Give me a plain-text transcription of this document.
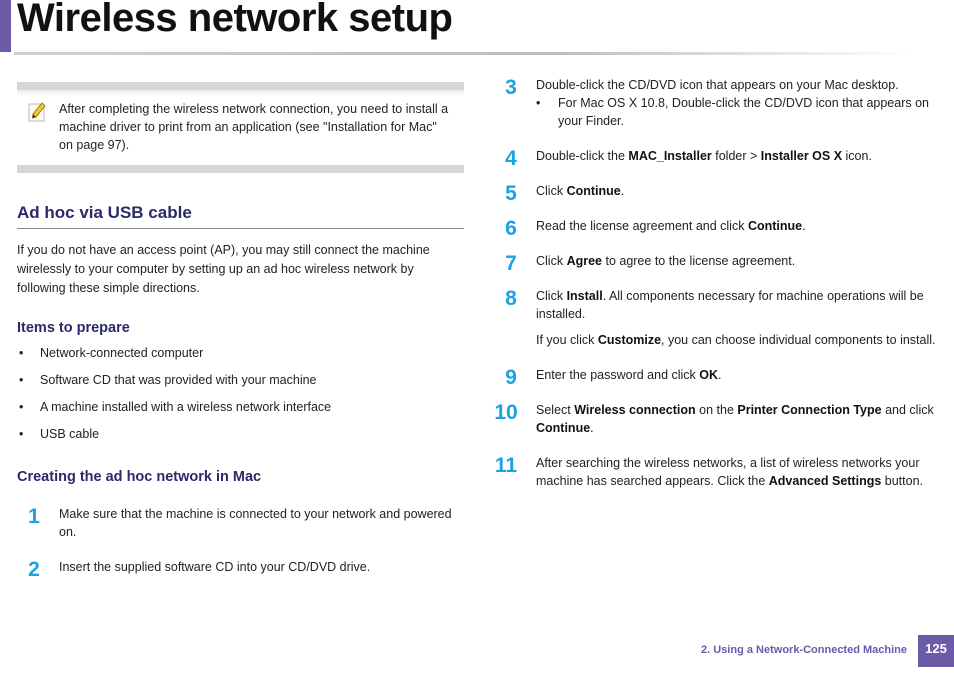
Wireless network setup

After completing the wireless network connection, you need to install a machine driver to print from an application (see "Installation for Mac" on page 97).

Ad hoc via USB cable

If you do not have an access point (AP), you may still connect the machine wirelessly to your computer by setting up an ad hoc wireless network by following these simple directions.

Items to prepare
• Network-connected computer
• Software CD that was provided with your machine
• A machine installed with a wireless network interface
• USB cable
Creating the ad hoc network in Mac
1	Make sure that the machine is connected to your network and powered on.

2	Insert the supplied software CD into your CD/DVD drive.

3	Double-click the CD/DVD icon that appears on your Mac desktop.

• For Mac OS X 10.8, Double-click the CD/DVD icon that appears on your Finder.

4	Double-click the MAC_Installer folder > Installer OS X icon.

5	Click Continue.

6	Read the license agreement and click Continue.

7	Click Agree to agree to the license agreement.

8	Click Install. All components necessary for machine operations will be installed.

If you click Customize, you can choose individual components to install.

9	Enter the password and click OK.

10 Select Wireless connection on the Printer Connection Type and click Continue.

11	After searching the wireless networks, a list of wireless networks your machine has searched appears. Click the Advanced Settings button.

2. Using a Network-Connected Machine	125
